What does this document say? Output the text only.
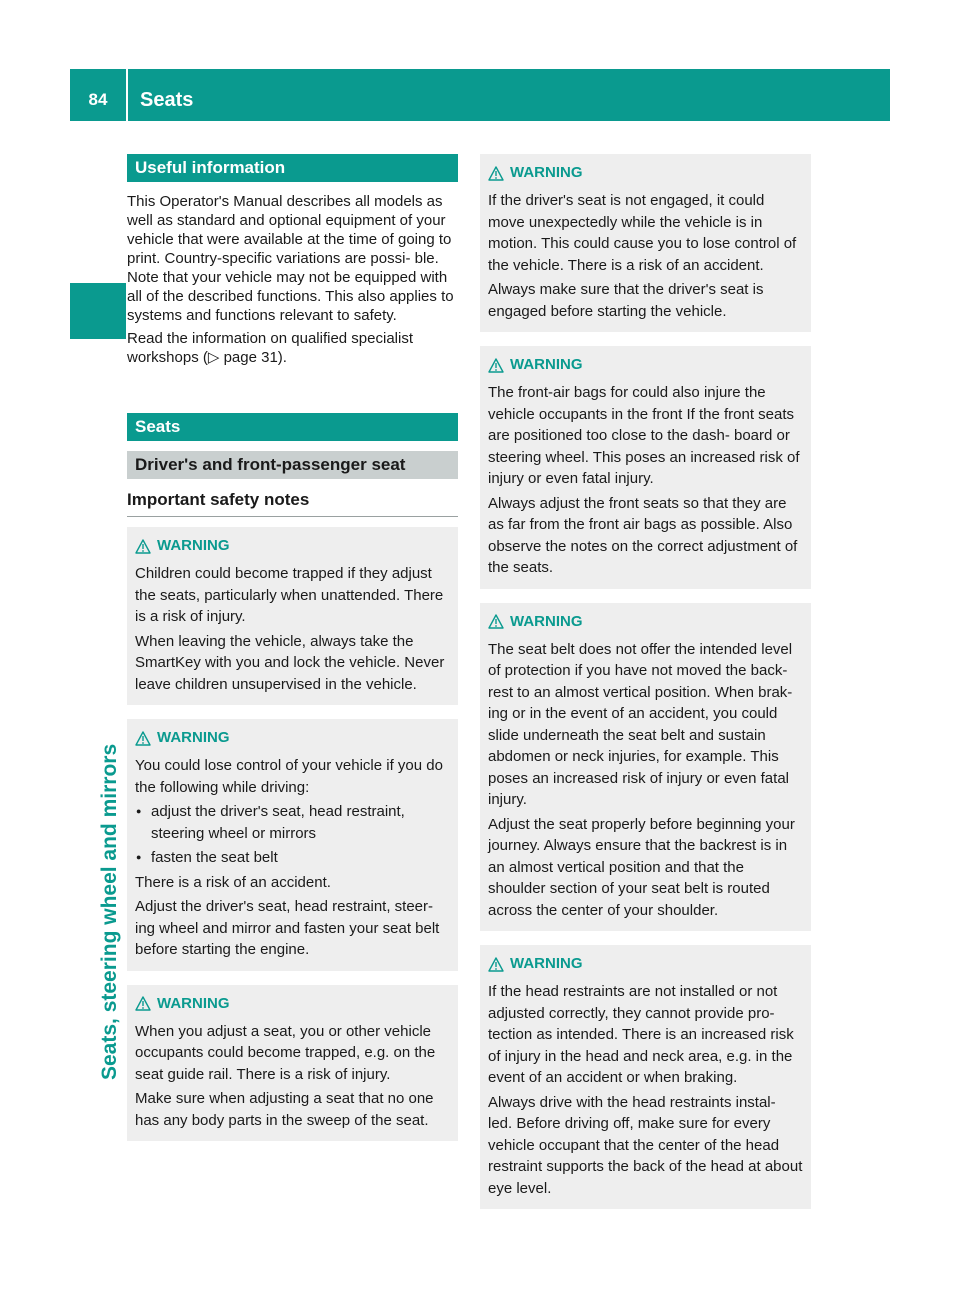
84	Seats
Seats, steering wheel and mirrors
Useful information

This Operator's Manual describes all models as well as standard and optional equipment of your vehicle that were available at the time of going to print. Country-specific variations are possi- ble. Note that your vehicle may not be equipped with all of the described functions. This also applies to systems and functions relevant to safety.

Read the information on qualified specialist workshops (▷ page 31).

Seats
Driver's and front-passenger seat
Important safety notes
WARNING

Children could become trapped if they adjust the seats, particularly when unattended. There is a risk of injury.

When leaving the vehicle, always take the SmartKey with you and lock the vehicle. Never leave children unsupervised in the vehicle.

WARNING

You could lose control of your vehicle if you do the following while driving:

● adjust the driver's seat, head restraint, steering wheel or mirrors
● fasten the seat belt

There is a risk of an accident.

Adjust the driver's seat, head restraint, steer- ing wheel and mirror and fasten your seat belt before starting the engine.

WARNING

When you adjust a seat, you or other vehicle occupants could become trapped, e.g. on the seat guide rail. There is a risk of injury.

Make sure when adjusting a seat that no one has any body parts in the sweep of the seat.

WARNING

If the driver's seat is not engaged, it could move unexpectedly while the vehicle is in motion. This could cause you to lose control of the vehicle. There is a risk of an accident.

Always make sure that the driver's seat is engaged before starting the vehicle.

WARNING

The front-air bags for could also injure the vehicle occupants in the front If the front seats are positioned too close to the dash- board or steering wheel. This poses an increased risk of injury or even fatal injury.

Always adjust the front seats so that they are as far from the front air bags as possible. Also observe the notes on the correct adjustment of the seats.

WARNING

The seat belt does not offer the intended level of protection if you have not moved the back- rest to an almost vertical position. When brak- ing or in the event of an accident, you could slide underneath the seat belt and sustain abdomen or neck injuries, for example. This poses an increased risk of injury or even fatal injury.

Adjust the seat properly before beginning your journey. Always ensure that the backrest is in an almost vertical position and that the shoulder section of your seat belt is routed across the center of your shoulder.

WARNING

If the head restraints are not installed or not adjusted correctly, they cannot provide pro- tection as intended. There is an increased risk of injury in the head and neck area, e.g. in the event of an accident or when braking.

Always drive with the head restraints instal- led. Before driving off, make sure for every vehicle occupant that the center of the head restraint supports the back of the head at about eye level.
